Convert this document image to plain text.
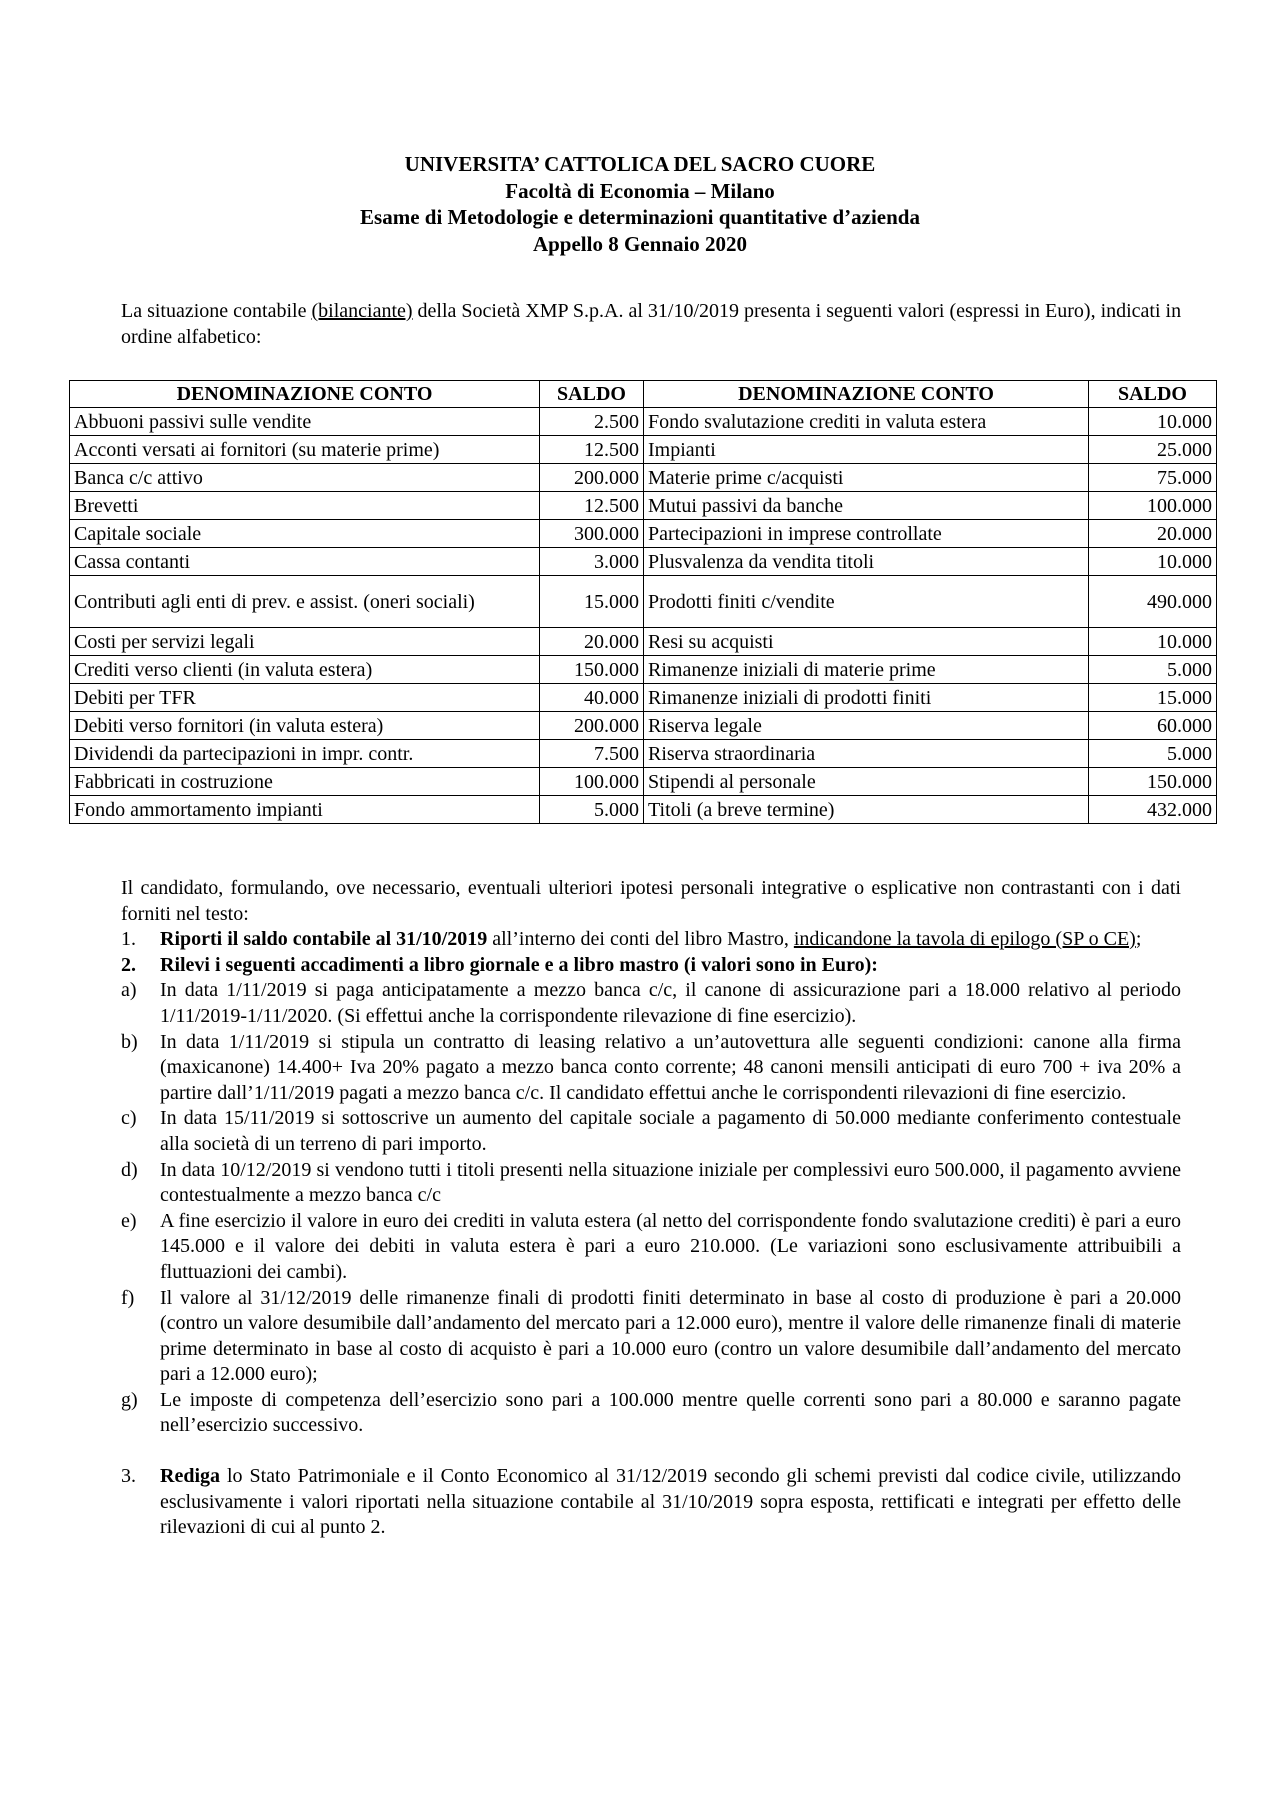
UNIVERSITA’ CATTOLICA DEL SACRO CUORE
Facoltà di Economia – Milano
Esame di Metodologie e determinazioni quantitative d’azienda
Appello 8 Gennaio 2020

La situazione contabile (bilanciante) della Società XMP S.p.A. al 31/10/2019 presenta i seguenti valori (espressi in Euro), indicati in ordine alfabetico:

DENOMINAZIONE CONTO	SALDO	DENOMINAZIONE CONTO	SALDO
Abbuoni passivi sulle vendite	2.500	Fondo svalutazione crediti in valuta estera	10.000
Acconti versati ai fornitori (su materie prime)	12.500	Impianti	25.000
Banca c/c attivo	200.000	Materie prime c/acquisti	75.000
Brevetti	12.500	Mutui passivi da banche	100.000
Capitale sociale	300.000	Partecipazioni in imprese controllate	20.000
Cassa contanti	3.000	Plusvalenza da vendita titoli	10.000
Contributi agli enti di prev. e assist. (oneri sociali)	15.000	Prodotti finiti c/vendite	490.000
Costi per servizi legali	20.000	Resi su acquisti	10.000
Crediti verso clienti (in valuta estera)	150.000	Rimanenze iniziali di materie prime	5.000
Debiti per TFR	40.000	Rimanenze iniziali di prodotti finiti	15.000
Debiti verso fornitori (in valuta estera)	200.000	Riserva legale	60.000
Dividendi da partecipazioni in impr. contr.	7.500	Riserva straordinaria	5.000
Fabbricati in costruzione	100.000	Stipendi al personale	150.000
Fondo ammortamento impianti	5.000	Titoli (a breve termine)	432.000
Il candidato, formulando, ove necessario, eventuali ulteriori ipotesi personali integrative o esplicative non contrastanti con i dati forniti nel testo:
1. Riporti il saldo contabile al 31/10/2019 all’interno dei conti del libro Mastro, indicandone la tavola di epilogo (SP o CE);
2. Rilevi i seguenti accadimenti a libro giornale e a libro mastro (i valori sono in Euro):
a) In data 1/11/2019 si paga anticipatamente a mezzo banca c/c, il canone di assicurazione pari a 18.000 relativo al periodo 1/11/2019-1/11/2020. (Si effettui anche la corrispondente rilevazione di fine esercizio).
b) In data 1/11/2019 si stipula un contratto di leasing relativo a un’autovettura alle seguenti condizioni: canone alla firma (maxicanone) 14.400+ Iva 20% pagato a mezzo banca conto corrente; 48 canoni mensili anticipati di euro 700 + iva 20% a partire dall’1/11/2019 pagati a mezzo banca c/c. Il candidato effettui anche le corrispondenti rilevazioni di fine esercizio.
c) In data 15/11/2019 si sottoscrive un aumento del capitale sociale a pagamento di 50.000 mediante conferimento contestuale alla società di un terreno di pari importo.
d) In data 10/12/2019 si vendono tutti i titoli presenti nella situazione iniziale per complessivi euro 500.000, il pagamento avviene contestualmente a mezzo banca c/c
e) A fine esercizio il valore in euro dei crediti in valuta estera (al netto del corrispondente fondo svalutazione crediti) è pari a euro 145.000 e il valore dei debiti in valuta estera è pari a euro 210.000. (Le variazioni sono esclusivamente attribuibili a fluttuazioni dei cambi).
f) Il valore al 31/12/2019 delle rimanenze finali di prodotti finiti determinato in base al costo di produzione è pari a 20.000 (contro un valore desumibile dall’andamento del mercato pari a 12.000 euro), mentre il valore delle rimanenze finali di materie prime determinato in base al costo di acquisto è pari a 10.000 euro (contro un valore desumibile dall’andamento del mercato pari a 12.000 euro);
g) Le imposte di competenza dell’esercizio sono pari a 100.000 mentre quelle correnti sono pari a 80.000 e saranno pagate nell’esercizio successivo.
3. Rediga lo Stato Patrimoniale e il Conto Economico al 31/12/2019 secondo gli schemi previsti dal codice civile, utilizzando esclusivamente i valori riportati nella situazione contabile al 31/10/2019 sopra esposta, rettificati e integrati per effetto delle rilevazioni di cui al punto 2.
